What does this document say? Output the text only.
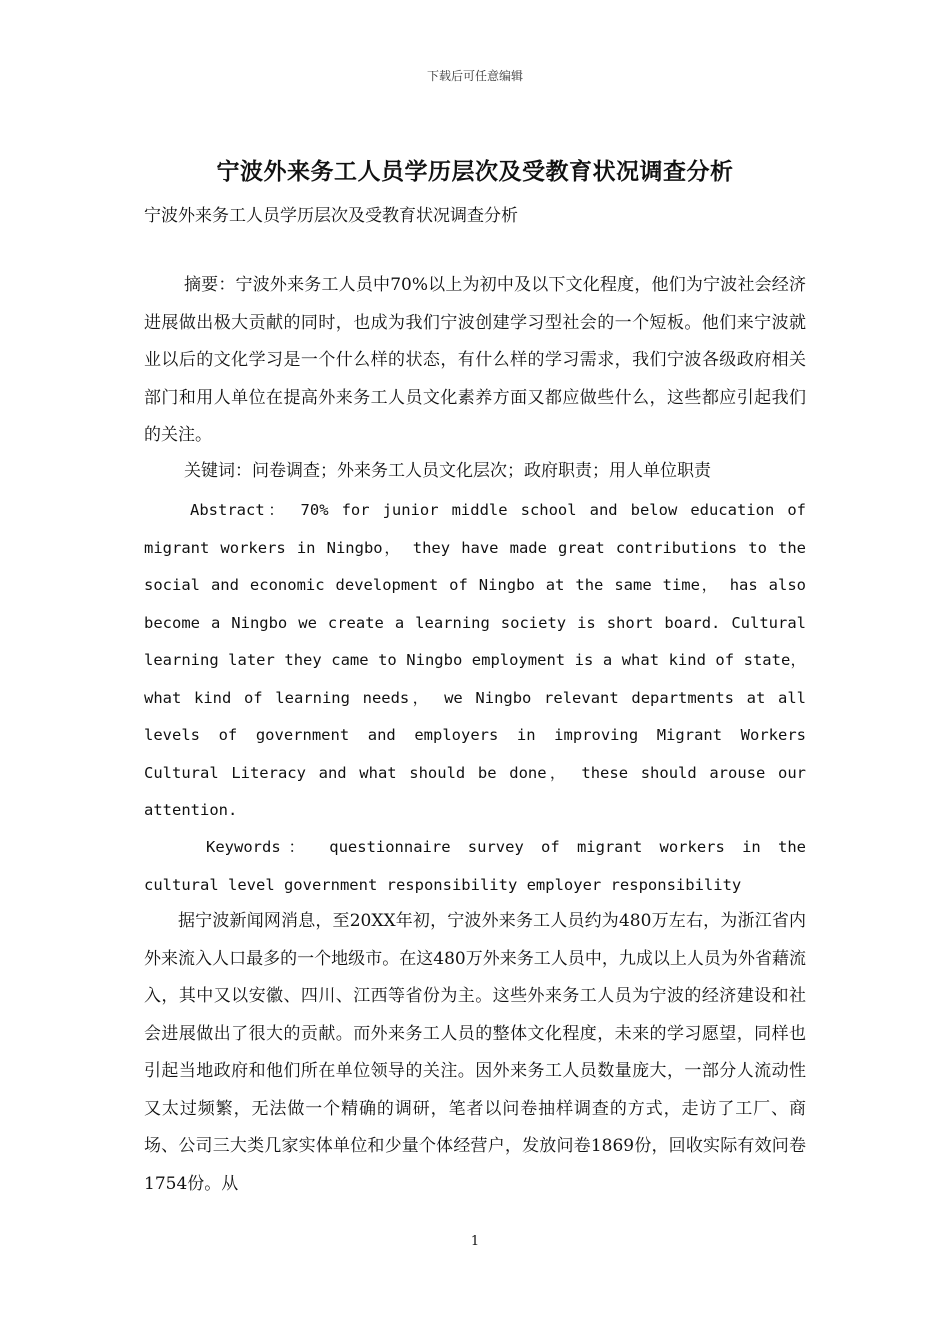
下载后可任意编辑
宁波外来务工人员学历层次及受教育状况调查分析
宁波外来务工人员学历层次及受教育状况调查分析

摘要：宁波外来务工人员中70%以上为初中及以下文化程度，他们为宁波社会经济进展做出极大贡献的同时，也成为我们宁波创建学习型社会的一个短板。他们来宁波就业以后的文化学习是一个什么样的状态，有什么样的学习需求，我们宁波各级政府相关部门和用人单位在提高外来务工人员文化素养方面又都应做些什么，这些都应引起我们的关注。

关键词：问卷调查；外来务工人员文化层次；政府职责；用人单位职责

Abstract： 70% for junior middle school and below education of migrant workers in Ningbo， they have made great contributions to the social and economic development of Ningbo at the same time， has also become a Ningbo we create a learning society is short board. Cultural learning later they came to Ningbo employment is a what kind of state， what kind of learning needs， we Ningbo relevant departments at all levels of government and employers in improving Migrant Workers Cultural Literacy and what should be done， these should arouse our attention.

Keywords： questionnaire survey of migrant workers in the cultural level government responsibility employer responsibility

据宁波新闻网消息，至20XX年初，宁波外来务工人员约为480万左右，为浙江省内外来流入人口最多的一个地级市。在这480万外来务工人员中，九成以上人员为外省藉流入，其中又以安徽、四川、江西等省份为主。这些外来务工人员为宁波的经济建设和社会进展做出了很大的贡献。而外来务工人员的整体文化程度，未来的学习愿望，同样也引起当地政府和他们所在单位领导的关注。因外来务工人员数量庞大，一部分人流动性又太过频繁，无法做一个精确的调研，笔者以问卷抽样调查的方式，走访了工厂、商场、公司三大类几家实体单位和少量个体经营户，发放问卷1869份，回收实际有效问卷1754份。从

1
